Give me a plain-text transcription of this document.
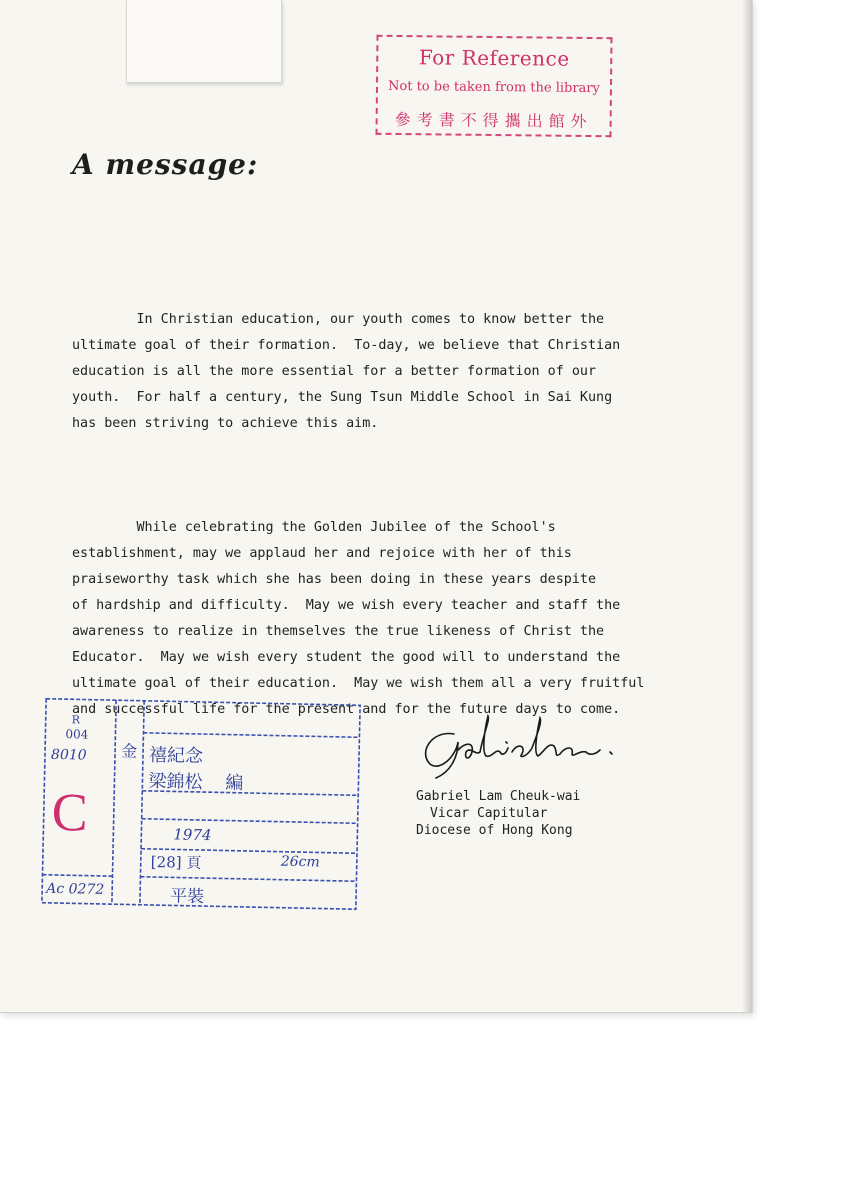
For Reference
Not to be taken from the library
參考書不得攜出館外
A message:

In Christian education, our youth comes to know better the
ultimate goal of their formation.  To-day, we believe that Christian
education is all the more essential for a better formation of our
youth.  For half a century, the Sung Tsun Middle School in Sai Kung
has been striving to achieve this aim.

While celebrating the Golden Jubilee of the School's
establishment, may we applaud her and rejoice with her of this
praiseworthy task which she has been doing in these years despite
of hardship and difficulty.  May we wish every teacher and staff the
awareness to realize in themselves the true likeness of Christ the
Educator.  May we wish every student the good will to understand the
ultimate goal of their education.  May we wish them all a very fruitful
and successful life for the present and for the future days to come.

Gabriel Lam Cheuk-wai
Vicar Capitular
Diocese of Hong Kong
R
004
8010
C
Ac 0272
金 禧紀念
梁錦松    編
1974
[28] 頁	26cm
平裝
